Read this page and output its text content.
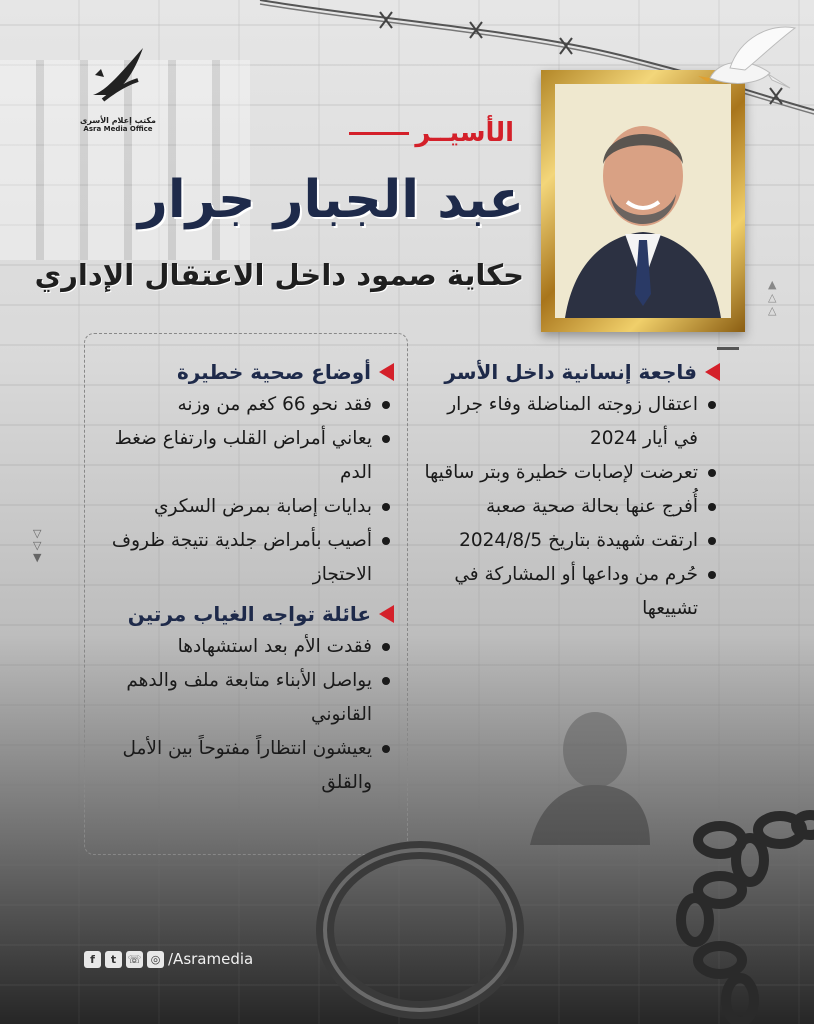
مكتب إعلام الأسرى
Asra Media Office	الأسيــر
عبد الجبار جرار
حكاية صمود داخل الاعتقال الإداري	▲
△
△
▽
▽
▼
فاجعة إنسانية داخل الأسر
اعتقال زوجته المناضلة وفاء جرار في أيار 2024
تعرضت لإصابات خطيرة وبتر ساقيها
أُفرج عنها بحالة صحية صعبة
ارتقت شهيدة بتاريخ 2024/8/5
حُرم من وداعها أو المشاركة في تشييعها
أوضاع صحية خطيرة
فقد نحو 66 كغم من وزنه
يعاني أمراض القلب وارتفاع ضغط الدم
بدايات إصابة بمرض السكري
أصيب بأمراض جلدية نتيجة ظروف الاحتجاز
عائلة تواجه الغياب مرتين
فقدت الأم بعد استشهادها
يواصل الأبناء متابعة ملف والدهم القانوني
يعيشون انتظاراً مفتوحاً بين الأمل والقلق
f	t	☏ ◎ /Asramedia
